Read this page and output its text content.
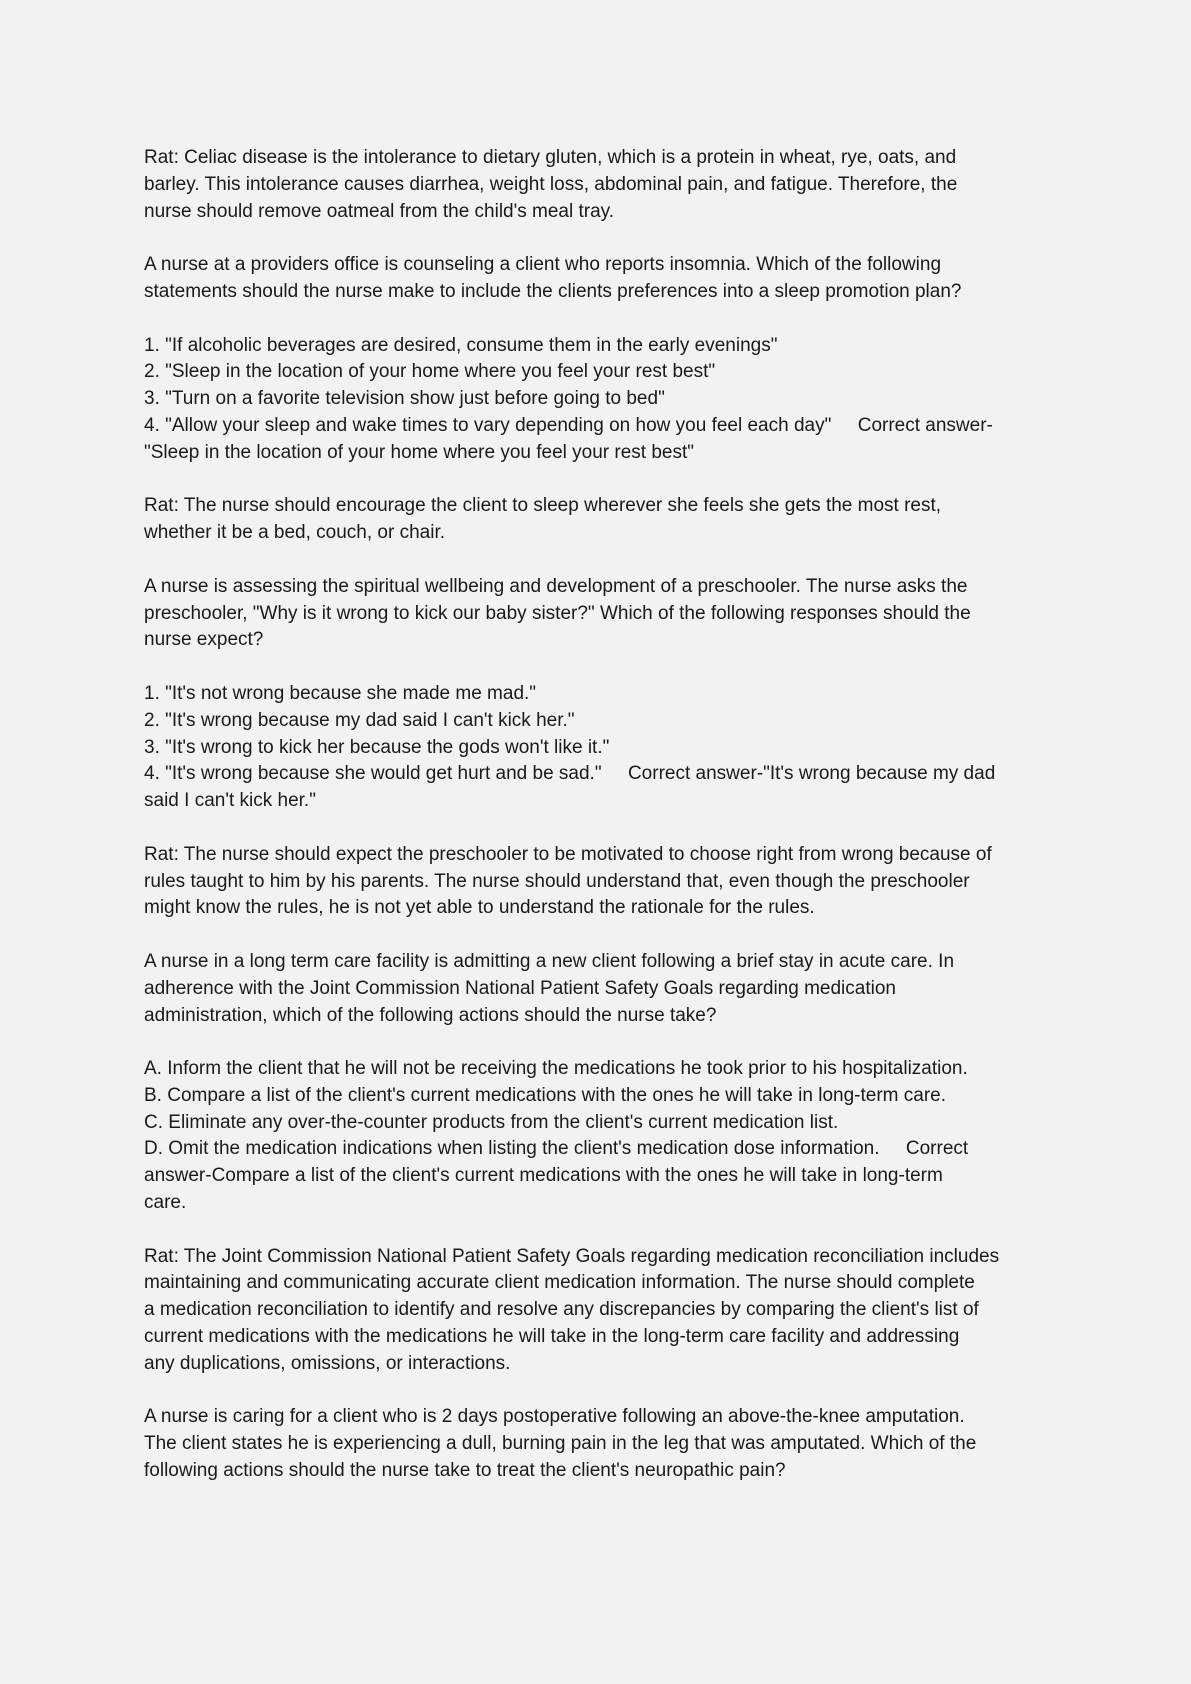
Rat: Celiac disease is the intolerance to dietary gluten, which is a protein in wheat, rye, oats, and
barley. This intolerance causes diarrhea, weight loss, abdominal pain, and fatigue. Therefore, the
nurse should remove oatmeal from the child's meal tray.

A nurse at a providers office is counseling a client who reports insomnia. Which of the following
statements should the nurse make to include the clients preferences into a sleep promotion plan?

1. "If alcoholic beverages are desired, consume them in the early evenings"
2. "Sleep in the location of your home where you feel your rest best"
3. "Turn on a favorite television show just before going to bed"
4. "Allow your sleep and wake times to vary depending on how you feel each day"     Correct answer-
"Sleep in the location of your home where you feel your rest best"

Rat: The nurse should encourage the client to sleep wherever she feels she gets the most rest,
whether it be a bed, couch, or chair.

A nurse is assessing the spiritual wellbeing and development of a preschooler. The nurse asks the
preschooler, "Why is it wrong to kick our baby sister?" Which of the following responses should the
nurse expect?

1. "It's not wrong because she made me mad."
2. "It's wrong because my dad said I can't kick her."
3. "It's wrong to kick her because the gods won't like it."
4. "It's wrong because she would get hurt and be sad."     Correct answer-"It's wrong because my dad
said I can't kick her."

Rat: The nurse should expect the preschooler to be motivated to choose right from wrong because of
rules taught to him by his parents. The nurse should understand that, even though the preschooler
might know the rules, he is not yet able to understand the rationale for the rules.

A nurse in a long term care facility is admitting a new client following a brief stay in acute care. In
adherence with the Joint Commission National Patient Safety Goals regarding medication
administration, which of the following actions should the nurse take?

A. Inform the client that he will not be receiving the medications he took prior to his hospitalization.
B. Compare a list of the client's current medications with the ones he will take in long-term care.
C. Eliminate any over-the-counter products from the client's current medication list.
D. Omit the medication indications when listing the client's medication dose information.     Correct
answer-Compare a list of the client's current medications with the ones he will take in long-term
care.

Rat: The Joint Commission National Patient Safety Goals regarding medication reconciliation includes
maintaining and communicating accurate client medication information. The nurse should complete
a medication reconciliation to identify and resolve any discrepancies by comparing the client's list of
current medications with the medications he will take in the long-term care facility and addressing
any duplications, omissions, or interactions.

A nurse is caring for a client who is 2 days postoperative following an above-the-knee amputation.
The client states he is experiencing a dull, burning pain in the leg that was amputated. Which of the
following actions should the nurse take to treat the client's neuropathic pain?
